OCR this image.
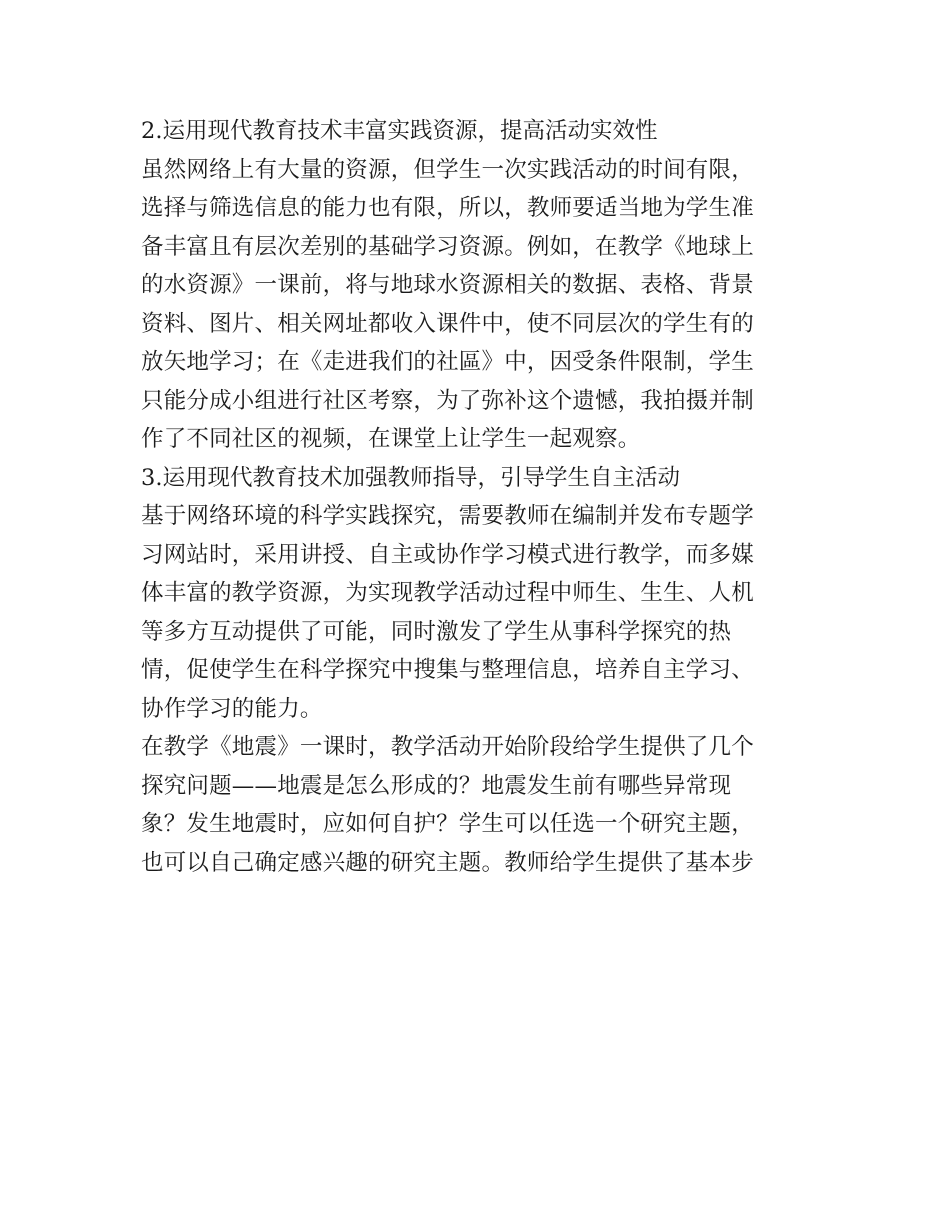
2.运用现代教育技术丰富实践资源，提高活动实效性
虽然网络上有大量的资源，但学生一次实践活动的时间有限，
选择与筛选信息的能力也有限，所以，教师要适当地为学生准
备丰富且有层次差别的基础学习资源。例如，在教学《地球上
的水资源》一课前，将与地球水资源相关的数据、表格、背景
资料、图片、相关网址都收入课件中，使不同层次的学生有的
放矢地学习；在《走进我们的社區》中，因受条件限制，学生
只能分成小组进行社区考察，为了弥补这个遗憾，我拍摄并制
作了不同社区的视频，在课堂上让学生一起观察。
3.运用现代教育技术加强教师指导，引导学生自主活动
基于网络环境的科学实践探究，需要教师在编制并发布专题学
习网站时，采用讲授、自主或协作学习模式进行教学，而多媒
体丰富的教学资源，为实现教学活动过程中师生、生生、人机
等多方互动提供了可能，同时激发了学生从事科学探究的热
情，促使学生在科学探究中搜集与整理信息，培养自主学习、
协作学习的能力。
在教学《地震》一课时，教学活动开始阶段给学生提供了几个
探究问题——地震是怎么形成的？地震发生前有哪些异常现
象？发生地震时，应如何自护？学生可以任选一个研究主题，
也可以自己确定感兴趣的研究主题。教师给学生提供了基本步
